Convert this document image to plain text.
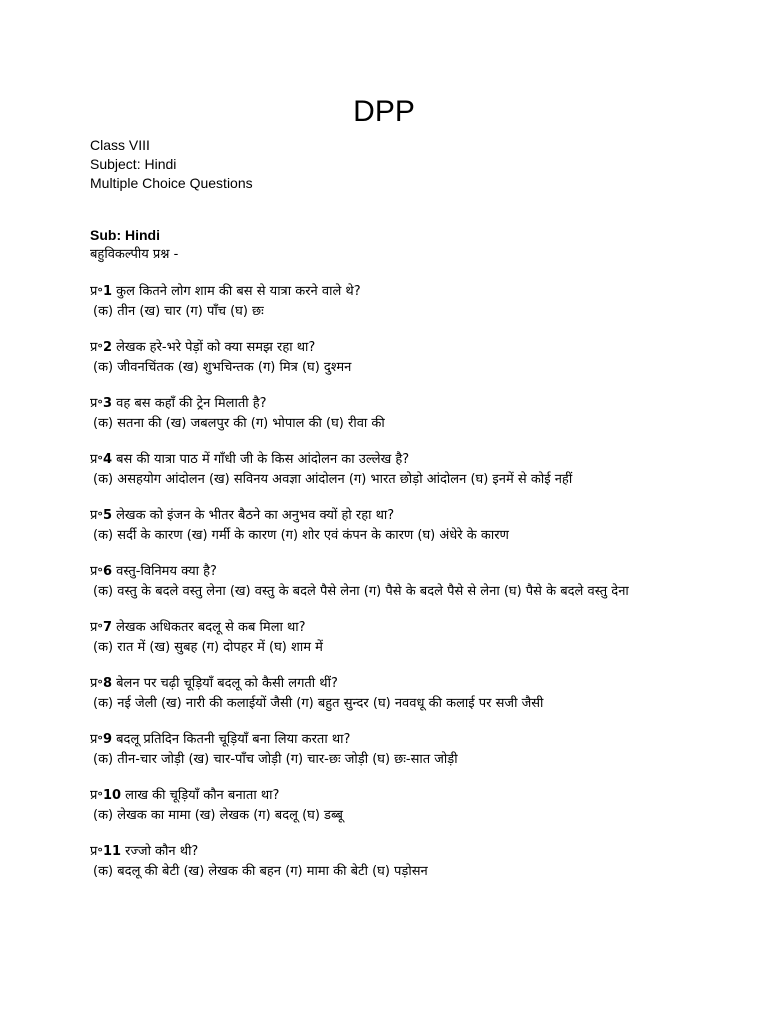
DPP
Class VIII
Subject: Hindi
Multiple Choice Questions
Sub: Hindi
बहुविकल्पीय प्रश्न -
प्र॰1 कुल कितने लोग शाम की बस से यात्रा करने वाले थे?
(क) तीन (ख) चार (ग) पाँच (घ) छः
प्र॰2 लेखक हरे-भरे पेड़ों को क्या समझ रहा था?
(क) जीवनचिंतक (ख) शुभचिन्तक (ग) मित्र (घ) दुश्मन
प्र॰3 वह बस कहाँ की ट्रेन मिलाती है?
(क) सतना की (ख) जबलपुर की (ग) भोपाल की (घ) रीवा की
प्र॰4 बस की यात्रा पाठ में गाँधी जी के किस आंदोलन का उल्लेख है?
(क) असहयोग आंदोलन (ख) सविनय अवज्ञा आंदोलन (ग) भारत छोड़ो आंदोलन (घ) इनमें से कोई नहीं
प्र॰5 लेखक को इंजन के भीतर बैठने का अनुभव क्यों हो रहा था?
(क) सर्दी के कारण (ख) गर्मी के कारण (ग) शोर एवं कंपन के कारण (घ) अंधेरे के कारण
प्र॰6 वस्तु-विनिमय क्या है?
(क) वस्तु के बदले वस्तु लेना (ख) वस्तु के बदले पैसे लेना (ग) पैसे के बदले पैसे से लेना (घ) पैसे के बदले वस्तु देना
प्र॰7 लेखक अधिकतर बदलू से कब मिला था?
(क) रात में (ख) सुबह (ग) दोपहर में (घ) शाम में
प्र॰8 बेलन पर चढ़ी चूड़ियाँ बदलू को कैसी लगती थीं?
(क) नई जेली (ख) नारी की कलाईयों जैसी (ग) बहुत सुन्दर (घ) नववधू की कलाई पर सजी जैसी
प्र॰9 बदलू प्रतिदिन कितनी चूड़ियाँ बना लिया करता था?
(क) तीन-चार जोड़ी (ख) चार-पाँच जोड़ी (ग) चार-छः जोड़ी (घ) छः-सात जोड़ी
प्र॰10 लाख की चूड़ियाँ कौन बनाता था?
(क) लेखक का मामा (ख) लेखक (ग) बदलू (घ) डब्बू
प्र॰11 रज्जो कौन थी?
(क) बदलू की बेटी (ख) लेखक की बहन (ग) मामा की बेटी (घ) पड़ोसन
